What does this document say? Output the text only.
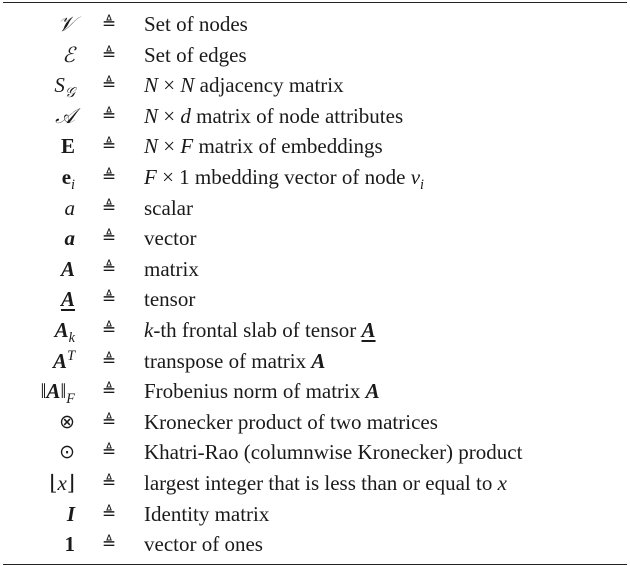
𝒱 ≜ Set of nodes
ℰ ≜ Set of edges
$S_𝒢$ ≜ N × N adjacency matrix
𝒜 ≜ N × d matrix of node attributes
E ≜ N × F matrix of embeddings
$e_i$ ≜ F × 1 mbedding vector of node $v_i$
a ≜ scalar
a ≜ vector
A ≜ matrix
A ≜ tensor
$A_k$ ≜ k-th frontal slab of tensor A
$A^T$ ≜ transpose of matrix A
$‖A‖_F$ ≜ Frobenius norm of matrix A
⊗ ≜ Kronecker product of two matrices
⊙ ≜ Khatri-Rao (columnwise Kronecker) product
⌊x⌋ ≜ largest integer that is less than or equal to x
I ≜ Identity matrix
1 ≜ vector of ones
